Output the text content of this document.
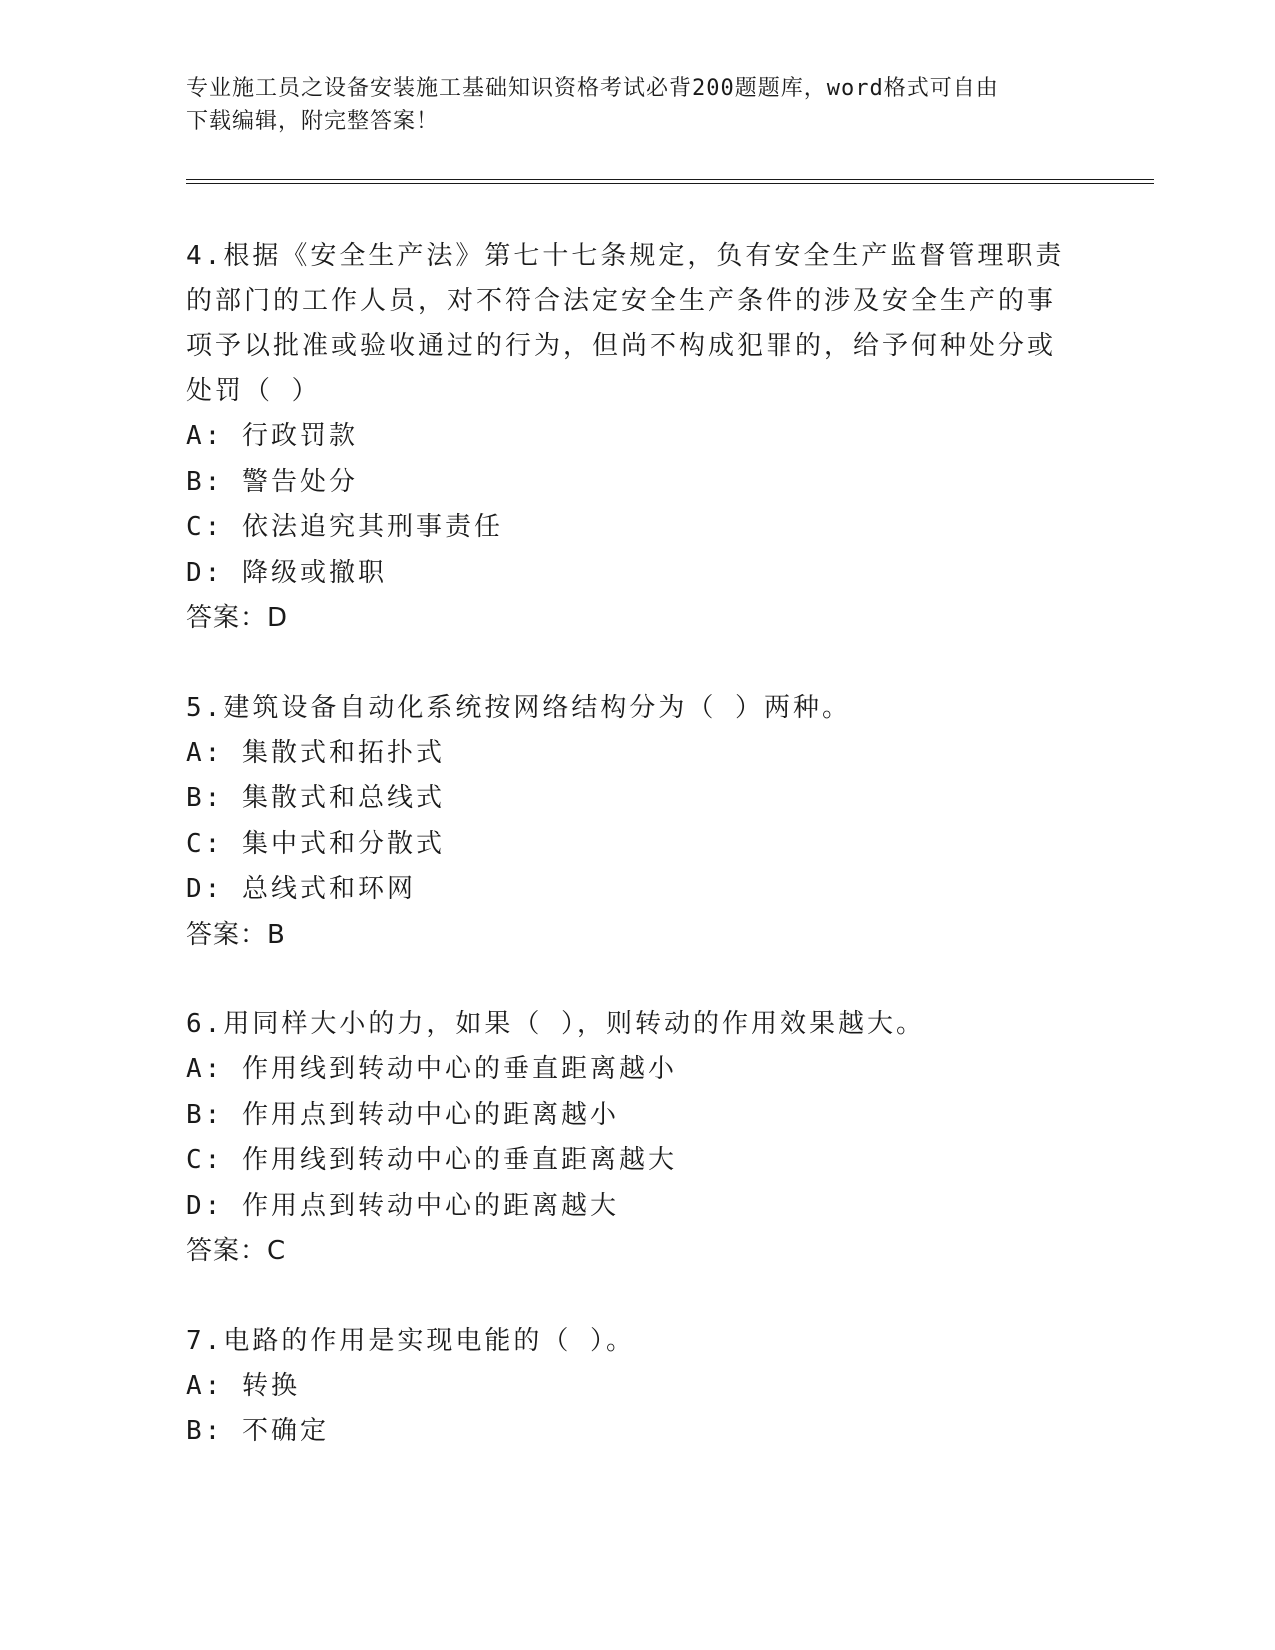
专业施工员之设备安装施工基础知识资格考试必背200题题库，word格式可自由
下载编辑，附完整答案！
4 . 根据《安全生产法》第七十七条规定，负有安全生产监督管理职责的部门的工作人员，对不符合法定安全生产条件的涉及安全生产的事项予以批准或验收通过的行为，但尚不构成犯罪的，给予何种处分或处罚（ ）
A : 行政罚款
B : 警告处分
C : 依法追究其刑事责任
D : 降级或撤职
答案 ： D
5 . 建筑设备自动化系统按网络结构分为（ ）两种。
A : 集散式和拓扑式
B : 集散式和总线式
C : 集中式和分散式
D : 总线式和环网
答案 ： B
6 . 用同样大小的力，如果（ ），则转动的作用效果越大。
A : 作用线到转动中心的垂直距离越小
B : 作用点到转动中心的距离越小
C : 作用线到转动中心的垂直距离越大
D : 作用点到转动中心的距离越大
答案 ： C
7 . 电路的作用是实现电能的（ ）。
A : 转换
B : 不确定
